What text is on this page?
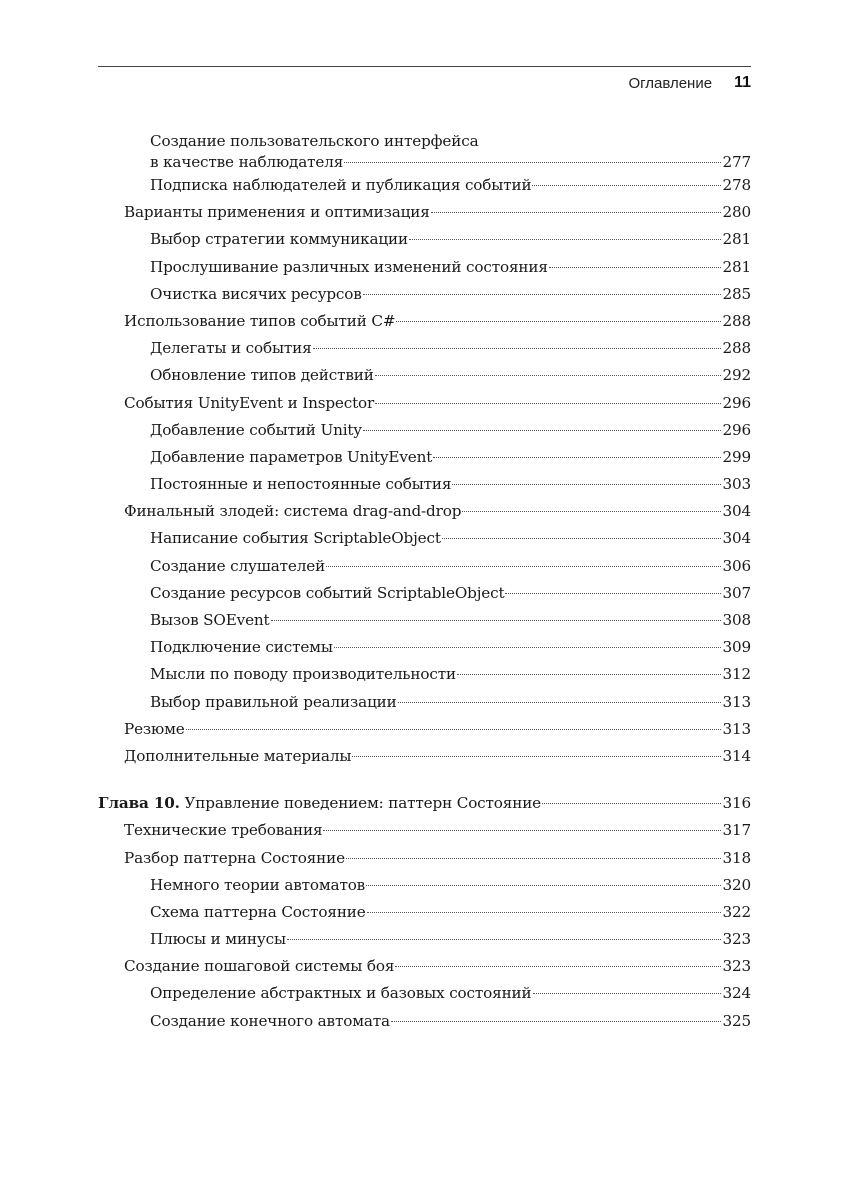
Оглавление 11
Создание пользовательского интерфейса
в качестве наблюдателя	277
Подписка наблюдателей и публикация событий	278
Варианты применения и оптимизация	280
Выбор стратегии коммуникации	281
Прослушивание различных изменений состояния	281
Очистка висячих ресурсов	285
Использование типов событий C#	288
Делегаты и события	288
Обновление типов действий	292
События UnityEvent и Inspector	296
Добавление событий Unity	296
Добавление параметров UnityEvent	299
Постоянные и непостоянные события	303
Финальный злодей: система drag-and-drop	304
Написание события ScriptableObject	304
Создание слушателей	306
Создание ресурсов событий ScriptableObject	307
Вызов SOEvent	308
Подключение системы	309
Мысли по поводу производительности	312
Выбор правильной реализации	313
Резюме	313
Дополнительные материалы	314
Глава 10. Управление поведением: паттерн Состояние	316
Технические требования	317
Разбор паттерна Состояние	318
Немного теории автоматов	320
Схема паттерна Состояние	322
Плюсы и минусы	323
Создание пошаговой системы боя	323
Определение абстрактных и базовых состояний	324
Создание конечного автомата	325
